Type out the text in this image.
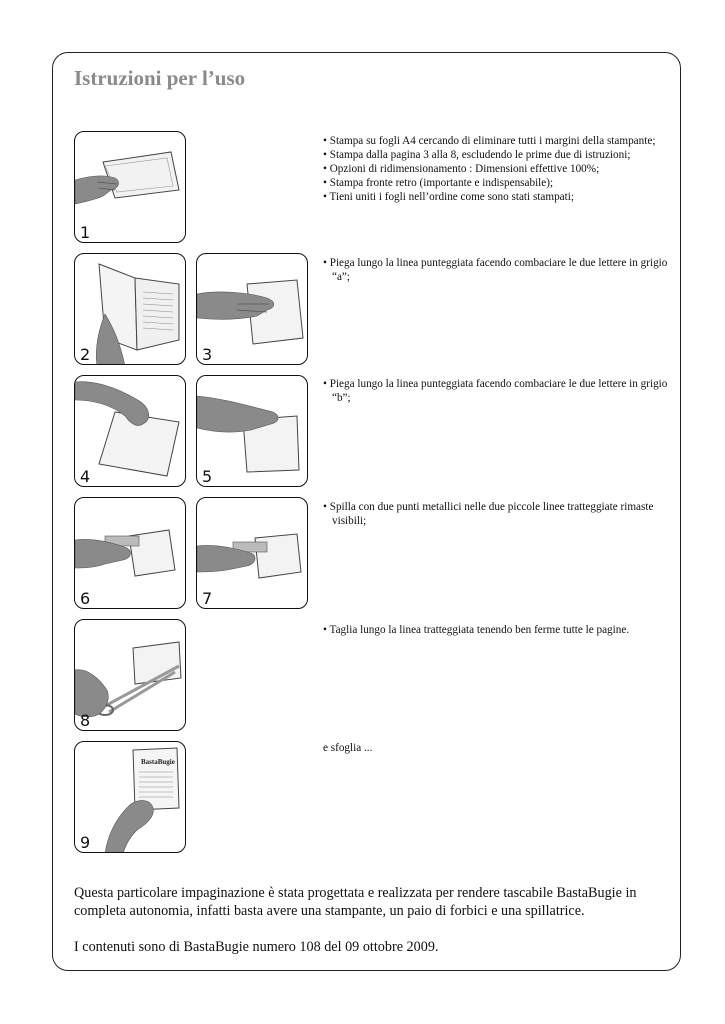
Istruzioni per l’uso
1
2	3
4	5
6	7
8
BastaBugie
9
• Stampa su fogli A4 cercando di eliminare tutti i margini della stampante;
• Stampa dalla pagina 3 alla 8, escludendo le prime due di istruzioni;
• Opzioni di ridimensionamento : Dimensioni effettive 100%;
• Stampa fronte retro (importante e indispensabile);
• Tieni uniti i fogli nell’ordine come sono stati stampati;
• Piega lungo la linea punteggiata facendo combaciare le due lettere in grigio “a”;
• Piega lungo la linea punteggiata facendo combaciare le due lettere in grigio “b”;
• Spilla con due punti metallici nelle due piccole linee tratteggiate rimaste visibili;
• Taglia lungo la linea tratteggiata tenendo ben ferme tutte le pagine.
e sfoglia ...

Questa particolare impaginazione è stata progettata e realizzata per rendere tascabile BastaBugie in completa autonomia, infatti basta avere una stampante, un paio di forbici e una spillatrice.

I contenuti sono di BastaBugie numero 108 del 09 ottobre 2009.
